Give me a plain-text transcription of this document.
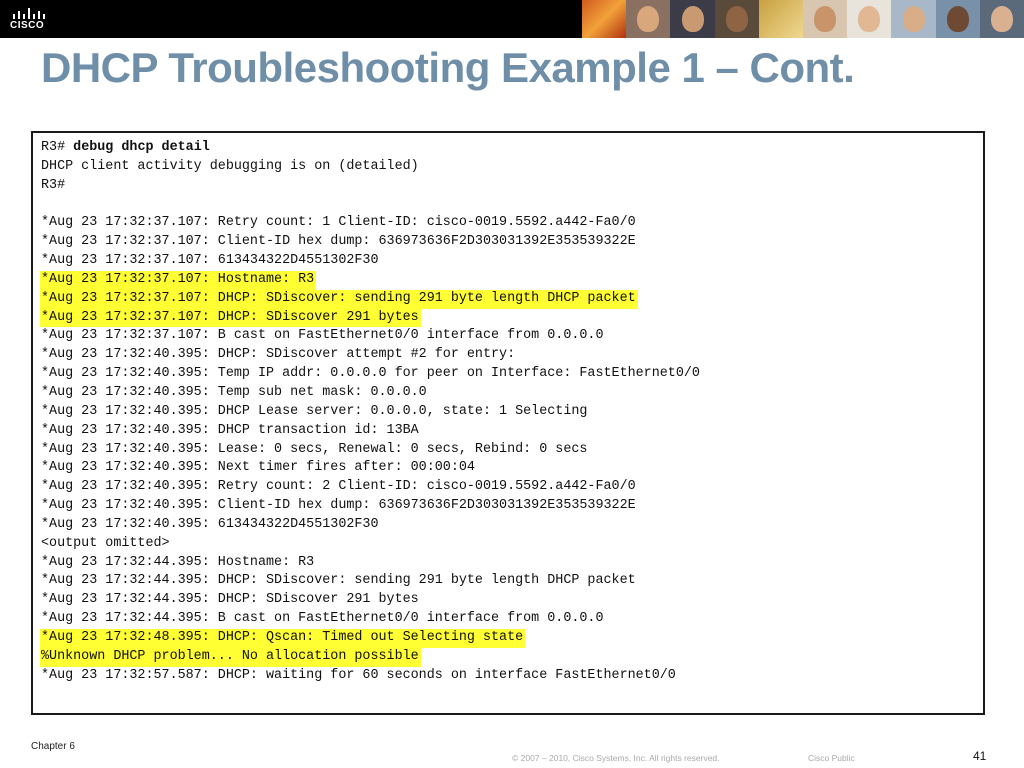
CISCO
DHCP Troubleshooting Example 1 – Cont.
R3# debug dhcp detail
DHCP client activity debugging is on (detailed)
R3#
*Aug 23 17:32:37.107: Retry count: 1 Client-ID: cisco-0019.5592.a442-Fa0/0
*Aug 23 17:32:37.107: Client-ID hex dump: 636973636F2D303031392E353539322E
*Aug 23 17:32:37.107: 613434322D4551302F30
*Aug 23 17:32:37.107: Hostname: R3
*Aug 23 17:32:37.107: DHCP: SDiscover: sending 291 byte length DHCP packet
*Aug 23 17:32:37.107: DHCP: SDiscover 291 bytes
*Aug 23 17:32:37.107: B cast on FastEthernet0/0 interface from 0.0.0.0
*Aug 23 17:32:40.395: DHCP: SDiscover attempt #2 for entry:
*Aug 23 17:32:40.395: Temp IP addr: 0.0.0.0 for peer on Interface: FastEthernet0/0
*Aug 23 17:32:40.395: Temp sub net mask: 0.0.0.0
*Aug 23 17:32:40.395: DHCP Lease server: 0.0.0.0, state: 1 Selecting
*Aug 23 17:32:40.395: DHCP transaction id: 13BA
*Aug 23 17:32:40.395: Lease: 0 secs, Renewal: 0 secs, Rebind: 0 secs
*Aug 23 17:32:40.395: Next timer fires after: 00:00:04
*Aug 23 17:32:40.395: Retry count: 2 Client-ID: cisco-0019.5592.a442-Fa0/0
*Aug 23 17:32:40.395: Client-ID hex dump: 636973636F2D303031392E353539322E
*Aug 23 17:32:40.395: 613434322D4551302F30
<output omitted>
*Aug 23 17:32:44.395: Hostname: R3
*Aug 23 17:32:44.395: DHCP: SDiscover: sending 291 byte length DHCP packet
*Aug 23 17:32:44.395: DHCP: SDiscover 291 bytes
*Aug 23 17:32:44.395: B cast on FastEthernet0/0 interface from 0.0.0.0
*Aug 23 17:32:48.395: DHCP: Qscan: Timed out Selecting state
%Unknown DHCP problem... No allocation possible
*Aug 23 17:32:57.587: DHCP: waiting for 60 seconds on interface FastEthernet0/0
Chapter 6
© 2007 – 2010, Cisco Systems, Inc. All rights reserved.	Cisco Public	41
